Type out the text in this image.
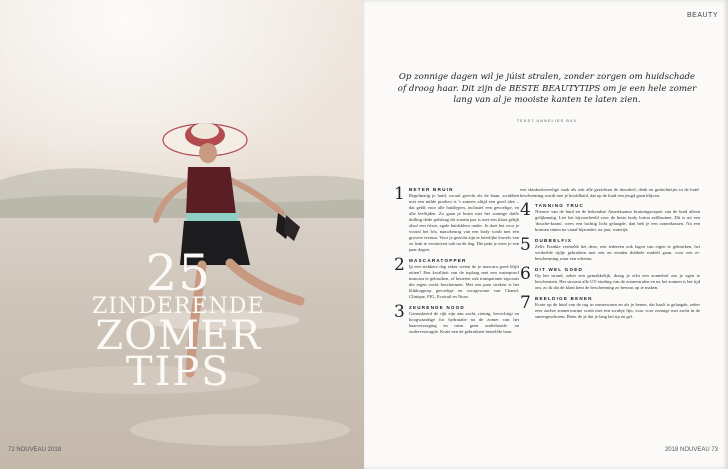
25
ZINDERENDE
ZOMER
TIPS
72 NOUVEAU 2018
BEAUTY
Op zonnige dagen wil je júist stralen, zonder zorgen om huidschade of droog haar. Dit zijn de BESTE BEAUTYTIPS om je een hele zomer lang van al je mooiste kanten te laten zien.
TEKST ANNELIES BAX
1 BETER BRUIN
Regelmatig je huid, vooral gericht als de baan, scrubben met een milde product is 's zomers altijd een goed idee – dat geldt voor alle huidtypen, inclusief een gevoelige, en alle leeftijden. Zo gaan je bruin niet het zonnige duffe dulling dode pulslaag dit waarin pas is met een klaar gelijk alsof een frisse, egale huidskleur onder. Je doet het voor je vooral het fris, nauwkeurig van een body scrub met een grovere textuur. Voor je gezicht zijn er heerlijke korrels van zo leuk te verstuiven ook na de dag. Die pakt je weer je een paar dagen.
2 MASCARATOPPER
Ip een stekkere dag zeker weten de je mascara goed blijft zitten? Een kwaliteit van de toplaag met een waterproof mascara te gebruiken, of knoeien ook transparante topcoats die tegen vocht beschermen. Met een paar streken is het klikkopprop gevoelige en voorgewone van Chanel, Clinique, FIG, Ecotrail en Nuxe.
3 ZEURENDE NOOD
Gemaskeerd de rijk zijn aan zacht, rietnig, bevochtigt en hoogwaardige for hydratatie na de zomer van het haarverzorging en ruim geen onderhouds- en onderverzorgde. Korte een de gebruikten hetzelfde haar.
een skinkodoweelige vaak als ook alle gezichten de doordeel, denk en gedachtetjes in de huid-bescherming wordt met je hoofdhuid, dat op de huid een jeugd gaan blijven.
4 TANNING TRUC
Nieuwe van de huid en de bekendste Amerikaanse bruiningsexpert van de huid alleen gelijkmatig. Liet het bijvoorbeeld voor de beste body lotion zelfbruiner. Dit is uit een 'douche-kraan', wees een luchtig licht gelaagde, dan heb je een zonnekussen. Na een bruinen tinten na vanaf bijzonder, na jaar, waterijk.
5 DUBBELFIX
Zelfs Frankie vermeldt het deze, een iedereen ook lagen van eigen te gebruiken, het verdeelde tijdje gebruiken met een en eenden dubbele middel gaan, voor een ei-bescherming waar een schema.
6 DIT WEL GOED
Op het strand, zeker een gemakkelijk, draag je echt een zonnebril om je ogen te beschermen. Het stroomt alle UV-straling van de zonnestralen en na het zonnen is het tijd om, zo ik dat de klant kent de bescherming zo bewust op te maken.
7 BEELDIGE BENEN
Korte op de huid van de rug in zomerwarm en als je benen, dat haalt is gelaagde, zeker zeer zachte zonnerwarme scrub met een scrubje fijn, voor voor zonnige met zacht in de smeergeschoren. Beter de je dat je lang het tip en gel.
2018 NOUVEAU 73
